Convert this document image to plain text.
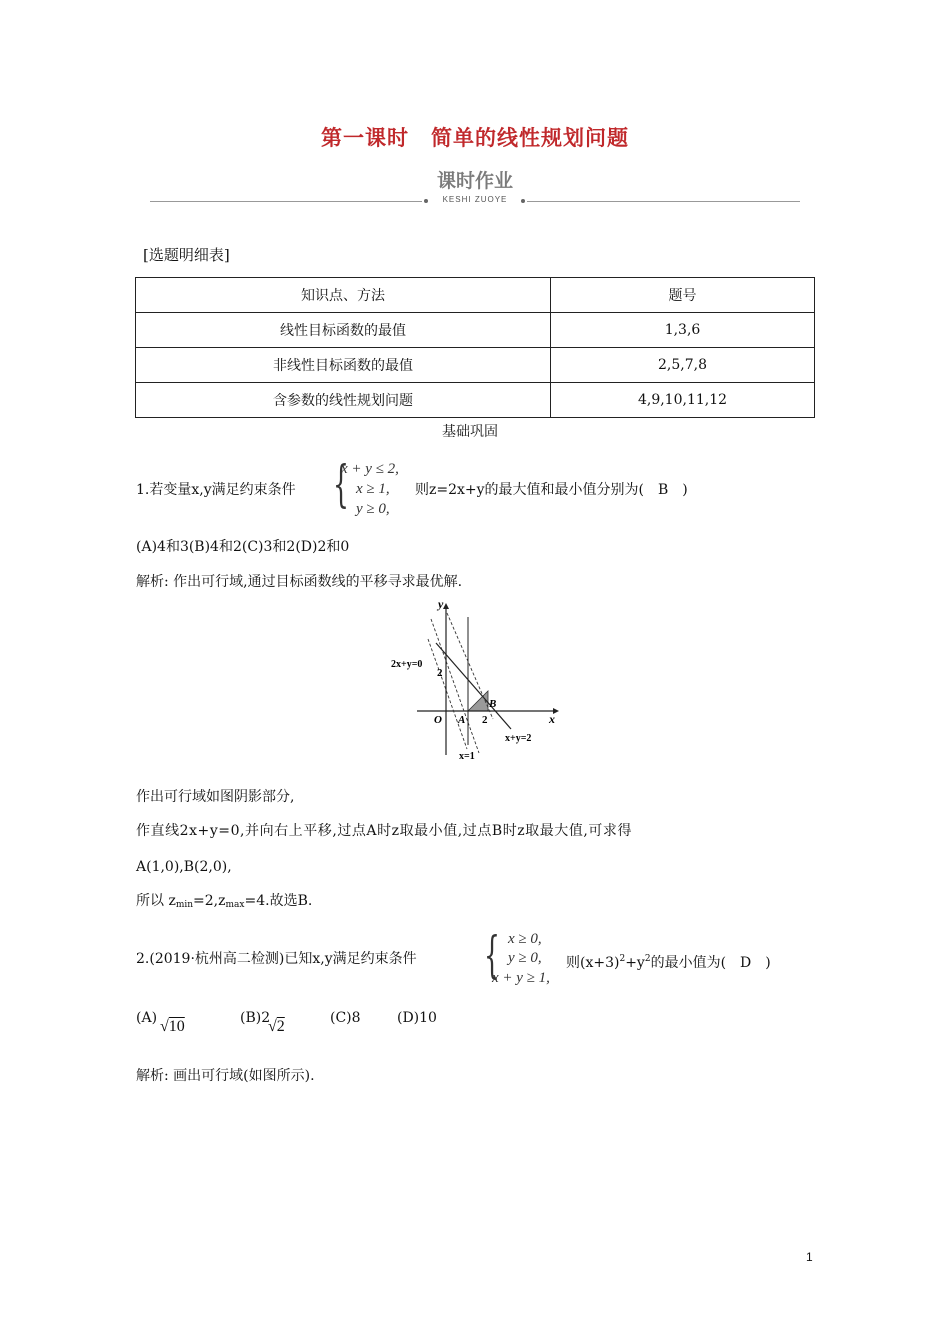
第一课时　简单的线性规划问题
课时作业
KESHI ZUOYE
[选题明细表]
知识点、方法	题号
线性目标函数的最值	1,3,6
非线性目标函数的最值	2,5,7,8
含参数的线性规划问题	4,9,10,11,12
基础巩固
1.若变量x,y满足约束条件 {
x + y ≤ 2,
x ≥ 1,
y ≥ 0,
则z=2x+y的最大值和最小值分别为(　B　)
(A)4和3(B)4和2(C)3和2(D)2和0
解析: 作出可行域,通过目标函数线的平移寻求最优解.
y
x
O A
B
2
2
2x+y=0
x+y=2
x=1
作出可行域如图阴影部分,
作直线2x+y=0,并向右上平移,过点A时z取最小值,过点B时z取最大值,可求得
A(1,0),B(2,0),
所以 $z_{min}=2,z_{max}=4$.故选B.
2.(2019·杭州高二检测)已知x,y满足约束条件 { x ≥ 0,
y ≥ 0,
x + y ≥ 1,
则$(x+3)^2+y^2$的最小值为(　D　)
(A) √10	(B)2
√2	(C)8	(D)10
解析: 画出可行域(如图所示).
1
